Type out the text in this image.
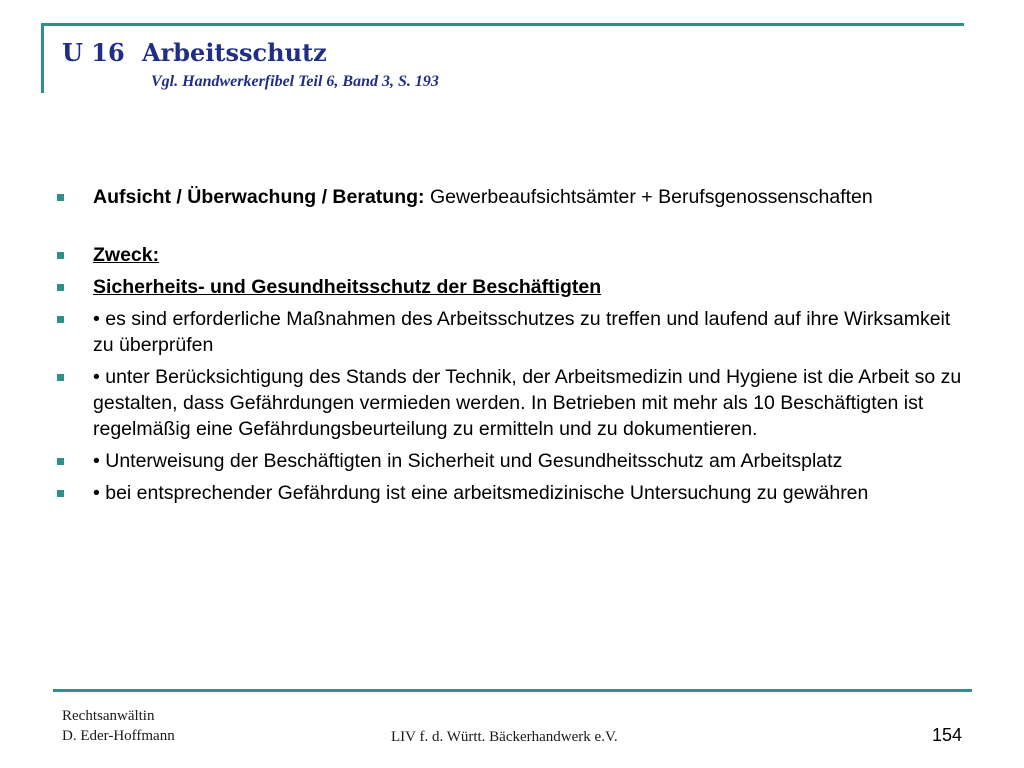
U 16 Arbeitsschutz
Vgl. Handwerkerfibel Teil 6, Band 3, S. 193
Aufsicht / Überwachung / Beratung: Gewerbeaufsichtsämter + Berufsgenossenschaften
Zweck:
Sicherheits- und Gesundheitsschutz der Beschäftigten
• es sind erforderliche Maßnahmen des Arbeitsschutzes zu treffen und laufend auf ihre Wirksamkeit zu überprüfen
• unter Berücksichtigung des Stands der Technik, der Arbeitsmedizin und Hygiene ist die Arbeit so zu gestalten, dass Gefährdungen vermieden werden. In Betrieben mit mehr als 10 Beschäftigten ist regelmäßig eine Gefährdungsbeurteilung zu ermitteln und zu dokumentieren.
• Unterweisung der Beschäftigten in Sicherheit und Gesundheitsschutz am Arbeitsplatz
• bei entsprechender Gefährdung ist eine arbeitsmedizinische Untersuchung zu gewähren
Rechtsanwältin
D. Eder-Hoffmann	LIV f. d. Württ. Bäckerhandwerk e.V.	154
